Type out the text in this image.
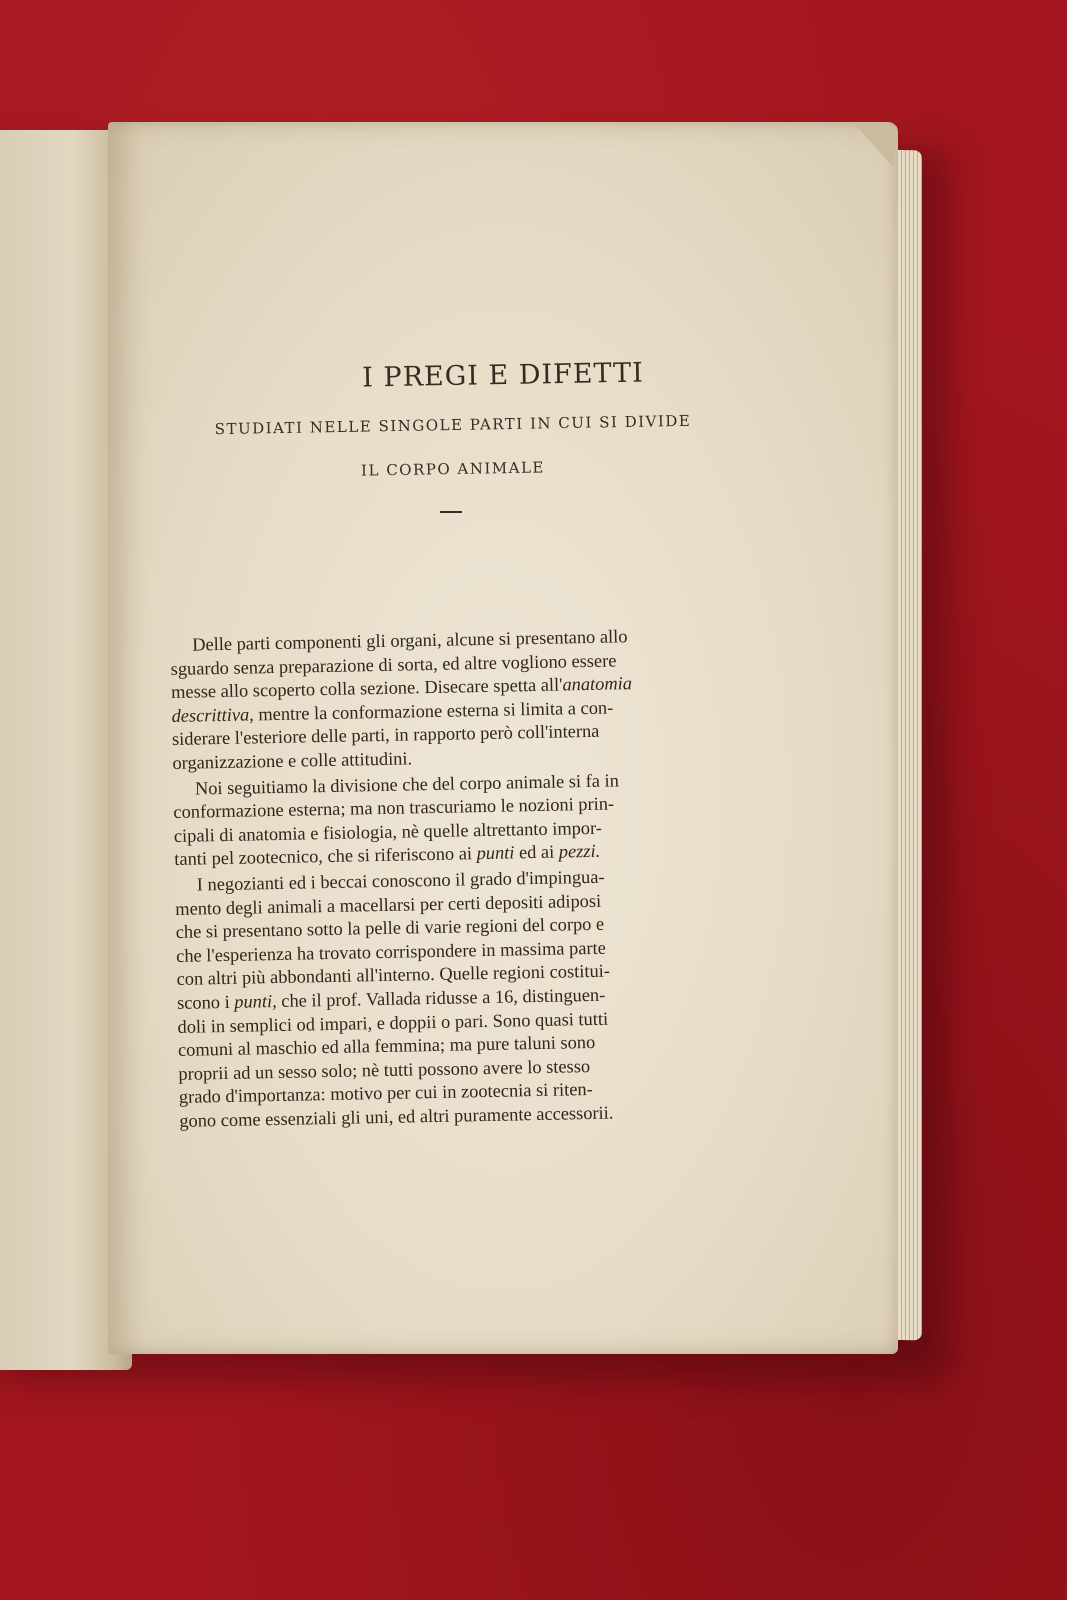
I PREGI E DIFETTI
STUDIATI NELLE SINGOLE PARTI IN CUI SI DIVIDE
IL CORPO ANIMALE

Delle parti componenti gli organi, alcune si presentano allo
sguardo senza preparazione di sorta, ed altre vogliono essere
messe allo scoperto colla sezione. Disecare spetta all'anatomia
descrittiva, mentre la conformazione esterna si limita a con-
siderare l'esteriore delle parti, in rapporto però coll'interna
organizzazione e colle attitudini.

Noi seguitiamo la divisione che del corpo animale si fa in
conformazione esterna; ma non trascuriamo le nozioni prin-
cipali di anatomia e fisiologia, nè quelle altrettanto impor-
tanti pel zootecnico, che si riferiscono ai punti ed ai pezzi.

I negozianti ed i beccai conoscono il grado d'impingua-
mento degli animali a macellarsi per certi depositi adiposi
che si presentano sotto la pelle di varie regioni del corpo e
che l'esperienza ha trovato corrispondere in massima parte
con altri più abbondanti all'interno. Quelle regioni costitui-
scono i punti, che il prof. Vallada ridusse a 16, distinguen-
doli in semplici od impari, e doppii o pari. Sono quasi tutti
comuni al maschio ed alla femmina; ma pure taluni sono
proprii ad un sesso solo; nè tutti possono avere lo stesso
grado d'importanza: motivo per cui in zootecnia si riten-
gono come essenziali gli uni, ed altri puramente accessorii.
